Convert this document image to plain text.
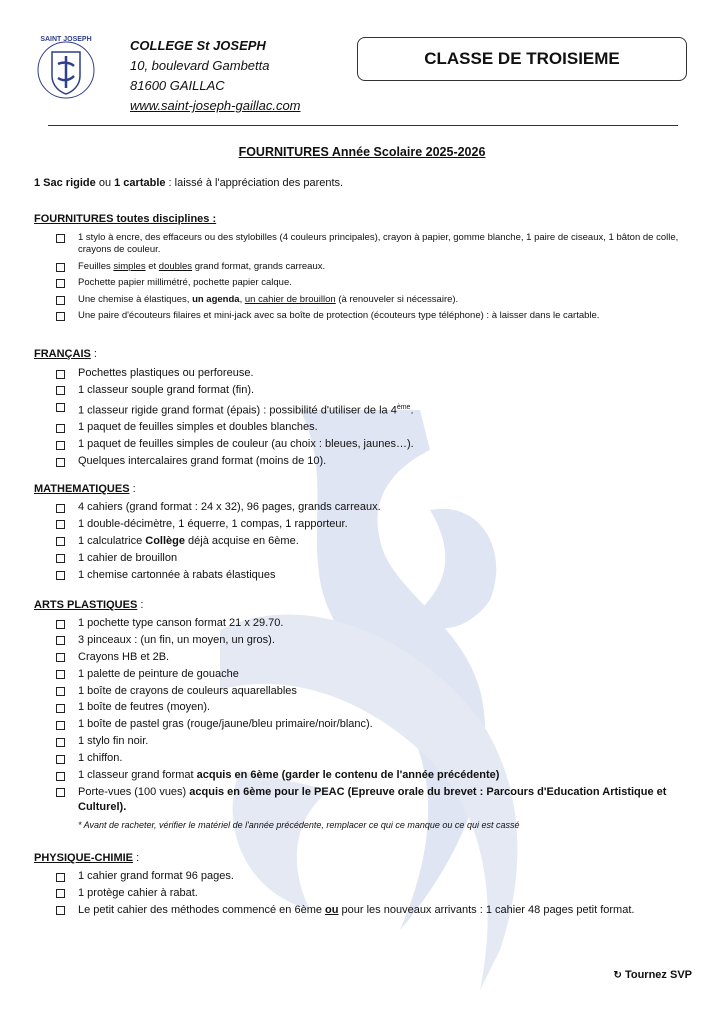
SAINT JOSEPH	COLLEGE St JOSEPH
10, boulevard Gambetta
81600 GAILLAC
www.saint-joseph-gaillac.com
CLASSE DE TROISIEME
FOURNITURES Année Scolaire 2025-2026
1 Sac rigide ou 1 cartable : laissé à l'appréciation des parents.
FOURNITURES toutes disciplines :
1 stylo à encre, des effaceurs ou des stylobilles (4 couleurs principales), crayon à papier, gomme blanche, 1 paire de ciseaux, 1 bâton de colle, crayons de couleur.
Feuilles simples et doubles grand format, grands carreaux.
Pochette papier millimétré, pochette papier calque.
Une chemise à élastiques, un agenda, un cahier de brouillon (à renouveler si nécessaire).
Une paire d'écouteurs filaires et mini-jack avec sa boîte de protection (écouteurs type téléphone) : à laisser dans le cartable.
FRANÇAIS :
Pochettes plastiques ou perforeuse.
1 classeur souple grand format (fin).
1 classeur rigide grand format (épais) : possibilité d'utiliser de la 4ème.
1 paquet de feuilles simples et doubles blanches.
1 paquet de feuilles simples de couleur (au choix : bleues, jaunes…).
Quelques intercalaires grand format (moins de 10).
MATHEMATIQUES :
4 cahiers (grand format : 24 x 32), 96 pages, grands carreaux.
1 double-décimètre, 1 équerre, 1 compas, 1 rapporteur.
1 calculatrice Collège déjà acquise en 6ème.
1 cahier de brouillon
1 chemise cartonnée à rabats élastiques
ARTS PLASTIQUES :
1 pochette type canson format 21 x 29.70.
3 pinceaux : (un fin, un moyen, un gros).
Crayons HB et 2B.
1 palette de peinture de gouache
1 boîte de crayons de couleurs aquarellables
1 boîte de feutres (moyen).
1 boîte de pastel gras (rouge/jaune/bleu primaire/noir/blanc).
1 stylo fin noir.
1 chiffon.
1 classeur grand format acquis en 6ème (garder le contenu de l'année précédente)
Porte-vues (100 vues) acquis en 6ème pour le PEAC (Epreuve orale du brevet : Parcours d'Education Artistique et Culturel).
* Avant de racheter, vérifier le matériel de l'année précédente, remplacer ce qui ce manque ou ce qui est cassé
PHYSIQUE-CHIMIE :
1 cahier grand format 96 pages.
1 protège cahier à rabat.
Le petit cahier des méthodes commencé en 6ème ou pour les nouveaux arrivants : 1 cahier 48 pages petit format.
↻ Tournez SVP
